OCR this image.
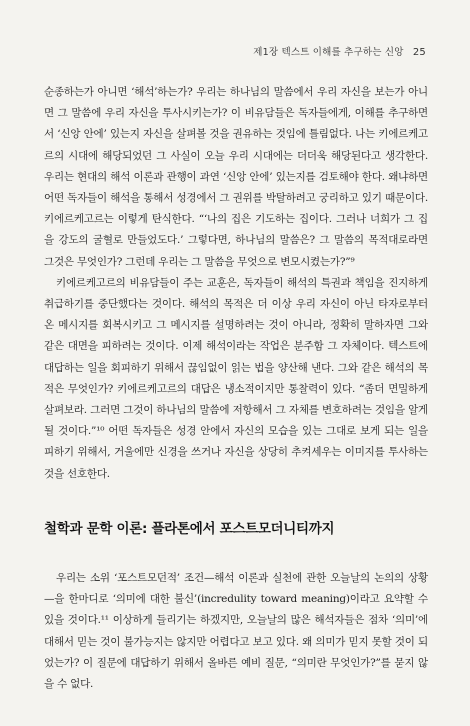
제1장 텍스트 이해를 추구하는 신앙 25

순종하는가 아니면 ‘해석’하는가? 우리는 하나님의 말씀에서 우리 자신을 보는가 아니면 그 말씀에 우리 자신을 투사시키는가? 이 비유담들은 독자들에게, 이해를 추구하면서 ‘신앙 안에’ 있는지 자신을 살펴볼 것을 권유하는 것임에 틀림없다. 나는 키에르케고르의 시대에 해당되었던 그 사실이 오늘 우리 시대에는 더더욱 해당된다고 생각한다. 우리는 현대의 해석 이론과 관행이 과연 ‘신앙 안에’ 있는지를 검토해야 한다. 왜냐하면 어떤 독자들이 해석을 통해서 성경에서 그 권위를 박탈하려고 궁리하고 있기 때문이다. 키에르케고르는 이렇게 탄식한다. “‘나의 집은 기도하는 집이다. 그러나 너희가 그 집을 강도의 굴혈로 만들었도다.’ 그렇다면, 하나님의 말씀은? 그 말씀의 목적대로라면 그것은 무엇인가? 그런데 우리는 그 말씀을 무엇으로 변모시켰는가?”⁹

키에르케고르의 비유담들이 주는 교훈은, 독자들이 해석의 특권과 책임을 진지하게 취급하기를 중단했다는 것이다. 해석의 목적은 더 이상 우리 자신이 아닌 타자로부터 온 메시지를 회복시키고 그 메시지를 설명하려는 것이 아니라, 정확히 말하자면 그와 같은 대면을 피하려는 것이다. 이제 해석이라는 작업은 분주함 그 자체이다. 텍스트에 대답하는 일을 회피하기 위해서 끊임없이 읽는 법을 양산해 낸다. 그와 같은 해석의 목적은 무엇인가? 키에르케고르의 대답은 냉소적이지만 통찰력이 있다. “좀더 면밀하게 살펴보라. 그러면 그것이 하나님의 말씀에 저항해서 그 자체를 변호하려는 것임을 알게 될 것이다.”¹⁰ 어떤 독자들은 성경 안에서 자신의 모습을 있는 그대로 보게 되는 일을 피하기 위해서, 거울에만 신경을 쓰거나 자신을 상당히 추켜세우는 이미지를 투사하는 것을 선호한다.

철학과 문학 이론: 플라톤에서 포스트모더니티까지

우리는 소위 ‘포스트모던적’ 조건—해석 이론과 실천에 관한 오늘날의 논의의 상황—을 한마디로 ‘의미에 대한 불신’(incredulity toward meaning)이라고 요약할 수 있을 것이다.¹¹ 이상하게 들리기는 하겠지만, 오늘날의 많은 해석자들은 점차 ‘의미’에 대해서 믿는 것이 불가능지는 않지만 어렵다고 보고 있다. 왜 의미가 믿지 못할 것이 되었는가? 이 질문에 대답하기 위해서 올바른 예비 질문, “의미란 무엇인가?”를 묻지 않을 수 없다.
